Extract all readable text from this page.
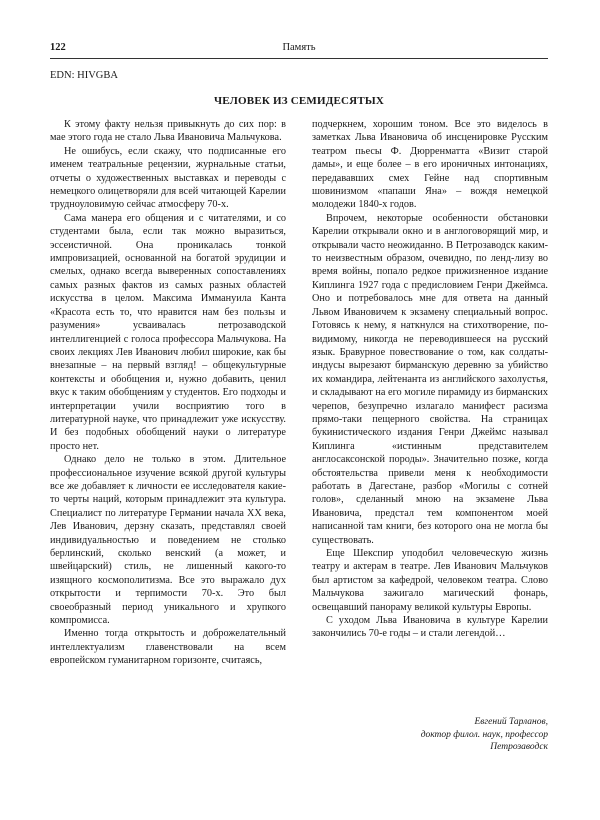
122	Память
EDN: HIVGBA
ЧЕЛОВЕК ИЗ СЕМИДЕСЯТЫХ

К этому факту нельзя привыкнуть до сих пор: в мае этого года не стало Льва Ивановича Мальчукова.

Не ошибусь, если скажу, что подписанные его именем театральные рецензии, журнальные статьи, отчеты о художественных выставках и переводы с немецкого олицетворяли для всей читающей Карелии трудноуловимую сейчас атмосферу 70-х.

Сама манера его общения и с читателями, и со студентами была, если так можно выразиться, эссеистичной. Она проникалась тонкой импровизацией, основанной на богатой эрудиции и смелых, однако всегда выверенных сопоставлениях самых разных фактов из самых разных областей искусства в целом. Максима Иммануила Канта «Красота есть то, что нравится нам без пользы и разумения» усваивалась петрозаводской интеллигенцией с голоса профессора Мальчукова. На своих лекциях Лев Иванович любил широкие, как бы внезапные – на первый взгляд! – общекультурные контексты и обобщения и, нужно добавить, ценил вкус к таким обобщениям у студентов. Его подходы и интерпретации учили восприятию того в литературной науке, что принадлежит уже искусству. И без подобных обобщений науки о литературе просто нет.

Однако дело не только в этом. Длительное профессиональное изучение всякой другой культуры все же добавляет к личности ее исследователя какие-то черты наций, которым принадлежит эта культура. Специалист по литературе Германии начала XX века, Лев Иванович, дерзну сказать, представлял своей индивидуальностью и поведением не столько берлинский, сколько венский (а может, и швейцарский) стиль, не лишенный какого-то изящного космополитизма. Все это выражало дух открытости и терпимости 70-х. Это был своеобразный период уникального и хрупкого компромисса.

Именно тогда открытость и доброжелательный интеллектуализм главенствовали на всем европейском гуманитарном горизонте, считаясь,

подчеркнем, хорошим тоном. Все это виделось в заметках Льва Ивановича об инсценировке Русским театром пьесы Ф. Дюрренматта «Визит старой дамы», и еще более – в его ироничных интонациях, передававших смех Гейне над спортивным шовинизмом «папаши Яна» – вождя немецкой молодежи 1840-х годов.

Впрочем, некоторые особенности обстановки Карелии открывали окно и в англоговорящий мир, и открывали часто неожиданно. В Петрозаводск каким-то неизвестным образом, очевидно, по ленд-лизу во время войны, попало редкое прижизненное издание Киплинга 1927 года с предисловием Генри Джеймса. Оно и потребовалось мне для ответа на данный Львом Ивановичем к экзамену специальный вопрос. Готовясь к нему, я наткнулся на стихотворение, по-видимому, никогда не переводившееся на русский язык. Бравурное повествование о том, как солдаты-индусы вырезают бирманскую деревню за убийство их командира, лейтенанта из английского захолустья, и складывают на его могиле пирамиду из бирманских черепов, безупречно излагало манифест расизма прямо-таки пещерного свойства. На страницах букинистического издания Генри Джеймс называл Киплинга «истинным представителем англосаксонской породы». Значительно позже, когда обстоятельства привели меня к необходимости работать в Дагестане, разбор «Могилы с сотней голов», сделанный мною на экзамене Льва Ивановича, предстал тем компонентом моей написанной там книги, без которого она не могла бы существовать.

Еще Шекспир уподобил человеческую жизнь театру и актерам в театре. Лев Иванович Мальчуков был артистом за кафедрой, человеком театра. Слово Мальчукова зажигало магический фонарь, освещавший панораму великой культуры Европы.

С уходом Льва Ивановича в культуре Карелии закончились 70-е годы – и стали легендой…

Евгений Тарланов,
доктор филол. наук, профессор
Петрозаводск
